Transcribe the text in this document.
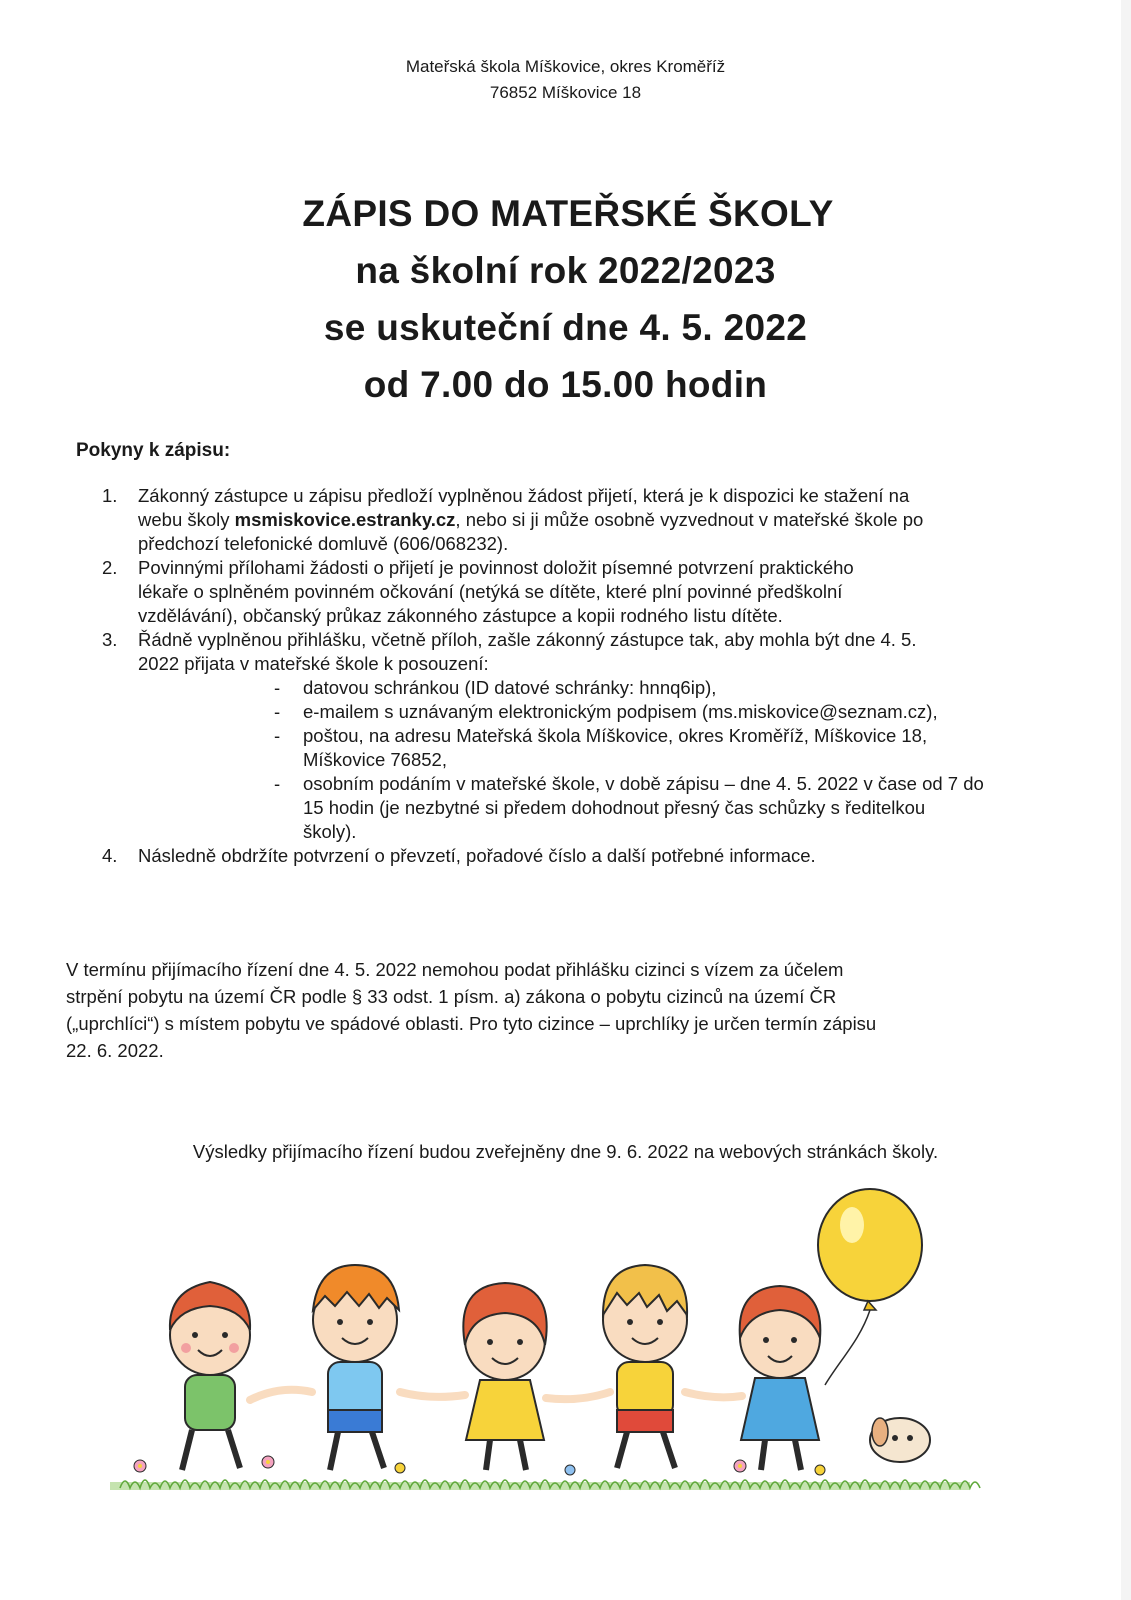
Mateřská škola Míškovice, okres Kroměříž
76852 Míškovice 18
ZÁPIS DO MATEŘSKÉ ŠKOLY
na školní rok 2022/2023
se uskuteční dne 4. 5. 2022
od 7.00 do 15.00 hodin
Pokyny k zápisu:
1. Zákonný zástupce u zápisu předloží vyplněnou žádost přijetí, která je k dispozici ke stažení na
webu školy msmiskovice.estranky.cz, nebo si ji může osobně vyzvednout v mateřské škole po
předchozí telefonické domluvě (606/068232).
2. Povinnými přílohami žádosti o přijetí je povinnost doložit písemné potvrzení praktického
lékaře o splněném povinném očkování (netýká se dítěte, které plní povinné předškolní
vzdělávání), občanský průkaz zákonného zástupce a kopii rodného listu dítěte.
3. Řádně vyplněnou přihlášku, včetně příloh, zašle zákonný zástupce tak, aby mohla být dne 4. 5.
2022 přijata v mateřské škole k posouzení:
- datovou schránkou (ID datové schránky: hnnq6ip),
- e-mailem s uznávaným elektronickým podpisem (ms.miskovice@seznam.cz),
- poštou, na adresu Mateřská škola Míškovice, okres Kroměříž, Míškovice 18,
Míškovice 76852,
- osobním podáním v mateřské škole, v době zápisu – dne 4. 5. 2022 v čase od 7 do
15 hodin (je nezbytné si předem dohodnout přesný čas schůzky s ředitelkou
školy).
4. Následně obdržíte potvrzení o převzetí, pořadové číslo a další potřebné informace.
V termínu přijímacího řízení dne 4. 5. 2022 nemohou podat přihlášku cizinci s vízem za účelem
strpění pobytu na území ČR podle § 33 odst. 1 písm. a) zákona o pobytu cizinců na území ČR
(„uprchlíci“) s místem pobytu ve spádové oblasti. Pro tyto cizince – uprchlíky je určen termín zápisu
22. 6. 2022.
Výsledky přijímacího řízení budou zveřejněny dne 9. 6. 2022 na webových stránkách školy.
